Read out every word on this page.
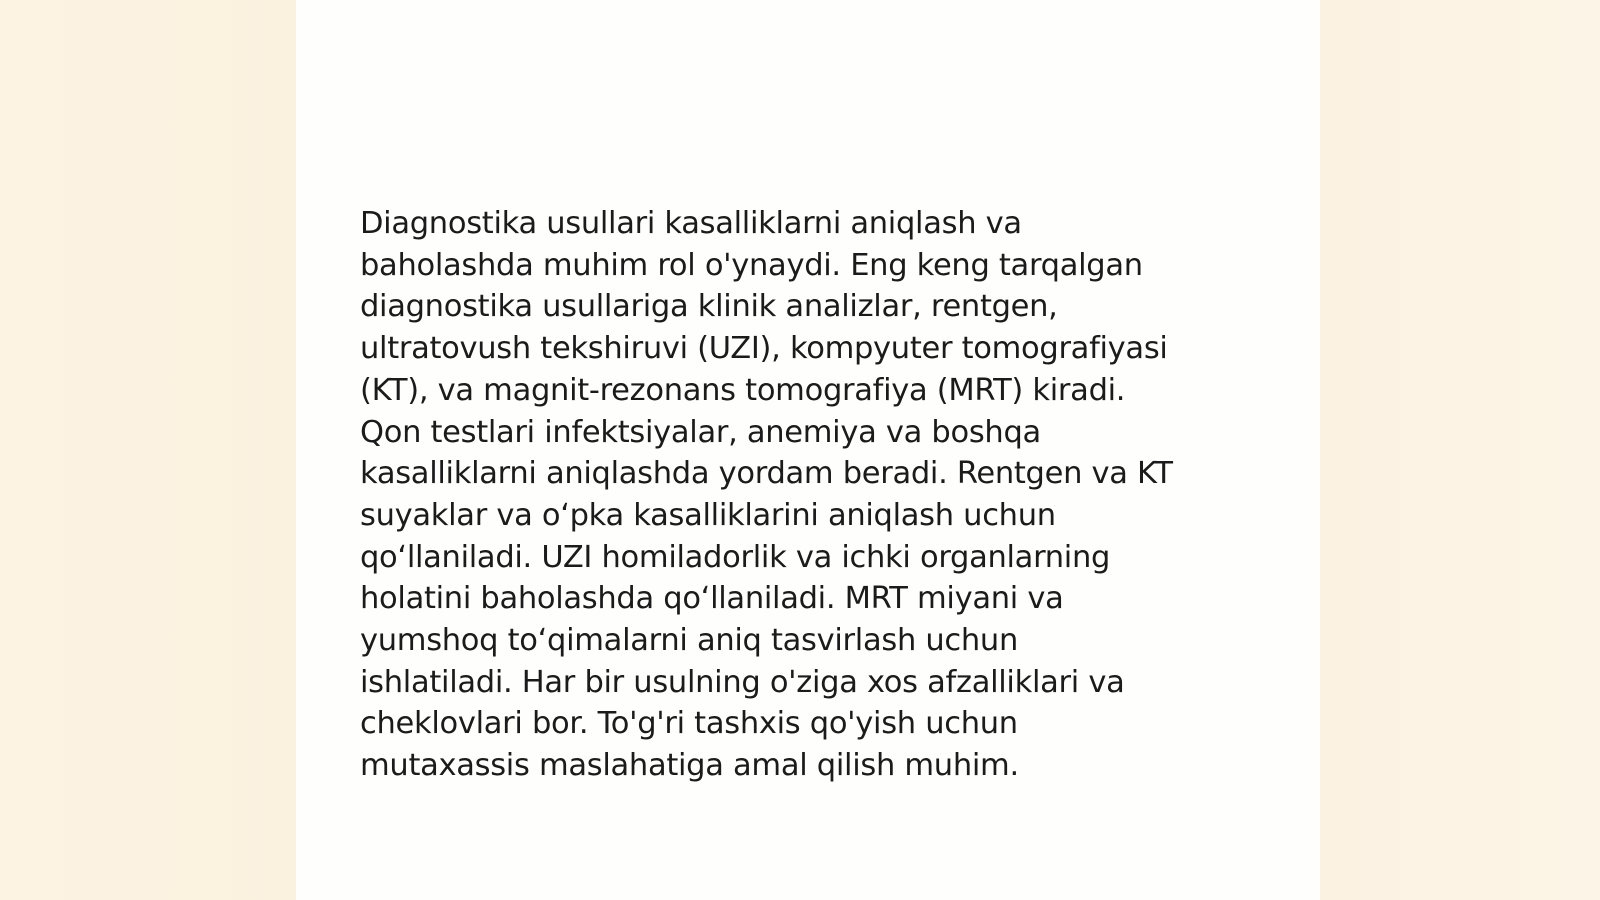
Diagnostika usullari kasalliklarni aniqlash va
baholashda muhim rol o'ynaydi. Eng keng tarqalgan
diagnostika usullariga klinik analizlar, rentgen,
ultratovush tekshiruvi (UZI), kompyuter tomografiyasi
(KT), va magnit-rezonans tomografiya (MRT) kiradi.
Qon testlari infektsiyalar, anemiya va boshqa
kasalliklarni aniqlashda yordam beradi. Rentgen va KT
suyaklar va oʻpka kasalliklarini aniqlash uchun
qoʻllaniladi. UZI homiladorlik va ichki organlarning
holatini baholashda qoʻllaniladi. MRT miyani va
yumshoq toʻqimalarni aniq tasvirlash uchun
ishlatiladi. Har bir usulning o'ziga xos afzalliklari va
cheklovlari bor. To'g'ri tashxis qo'yish uchun
mutaxassis maslahatiga amal qilish muhim.
